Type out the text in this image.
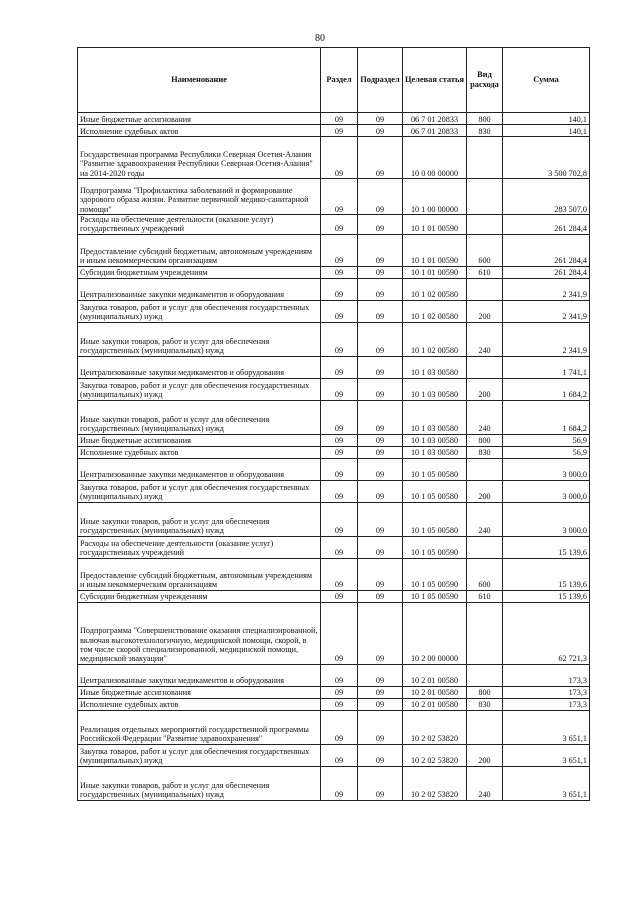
80
Наименование	Раздел	Подраздел	Целевая статья	Вид расхода	Сумма
Иные бюджетные ассигнования	09	09	06 7 01 20833	800	140,1
Исполнение судебных актов	09	09	06 7 01 20833	830	140,1
Государственная программа Республики Северная Осетия-Алания "Развитие здравоохранения Республики Северная Осетия-Алания" на 2014-2020 годы	09	09	10 0 00 00000		3 500 702,8
Подпрограмма "Профилактика заболеваний и формирование здорового образа жизни. Развитие первичной медико-санитарной помощи"	09	09	10 1 00 00000		283 507,0
Расходы на обеспечение деятельности (оказание услуг) государственных учреждений	09	09	10 1 01 00590		261 284,4
Предоставление субсидий бюджетным, автономным учреждениям и иным некоммерческим организациям	09	09	10 1 01 00590	600	261 284,4
Субсидии бюджетным учреждениям	09	09	10 1 01 00590	610	261 284,4
Централизованные закупки медикаментов и оборудования	09	09	10 1 02 00580		2 341,9
Закупка товаров, работ и услуг для обеспечения государственных (муниципальных) нужд	09	09	10 1 02 00580	200	2 341,9
Иные закупки товаров, работ и услуг для обеспечения государственных (муниципальных) нужд	09	09	10 1 02 00580	240	2 341,9
Централизованные закупки медикаментов и оборудования	09	09	10 1 03 00580		1 741,1
Закупка товаров, работ и услуг для обеспечения государственных (муниципальных) нужд	09	09	10 1 03 00580	200	1 684,2
Иные закупки товаров, работ и услуг для обеспечения государственных (муниципальных) нужд	09	09	10 1 03 00580	240	1 684,2
Иные бюджетные ассигнования	09	09	10 1 03 00580	800	56,9
Исполнение судебных актов	09	09	10 1 03 00580	830	56,9
Централизованные закупки медикаментов и оборудования	09	09	10 1 05 00580		3 000,0
Закупка товаров, работ и услуг для обеспечения государственных (муниципальных) нужд	09	09	10 1 05 00580	200	3 000,0
Иные закупки товаров, работ и услуг для обеспечения государственных (муниципальных) нужд	09	09	10 1 05 00580	240	3 000,0
Расходы на обеспечение деятельности (оказание услуг) государственных учреждений	09	09	10 1 05 00590		15 139,6
Предоставление субсидий бюджетным, автономным учреждениям и иным некоммерческим организациям	09	09	10 1 05 00590	600	15 139,6
Субсидии бюджетным учреждениям	09	09	10 1 05 00590	610	15 139,6
Подпрограмма "Совершенствование оказания специализированной, включая высокотехнологичную, медицинской помощи, скорой, в том числе скорой специализированной, медицинской помощи, медицинской эвакуации"	09	09	10 2 00 00000		62 721,3
Централизованные закупки медикаментов и оборудования	09	09	10 2 01 00580		173,3
Иные бюджетные ассигнования	09	09	10 2 01 00580	800	173,3
Исполнение судебных актов	09	09	10 2 01 00580	830	173,3
Реализация отдельных мероприятий государственной программы Российской Федерации "Развитие здравоохранения"	09	09	10 2 02 53820		3 651,1
Закупка товаров, работ и услуг для обеспечения государственных (муниципальных) нужд	09	09	10 2 02 53820	200	3 651,1
Иные закупки товаров, работ и услуг для обеспечения государственных (муниципальных) нужд	09	09	10 2 02 53820	240	3 651,1
